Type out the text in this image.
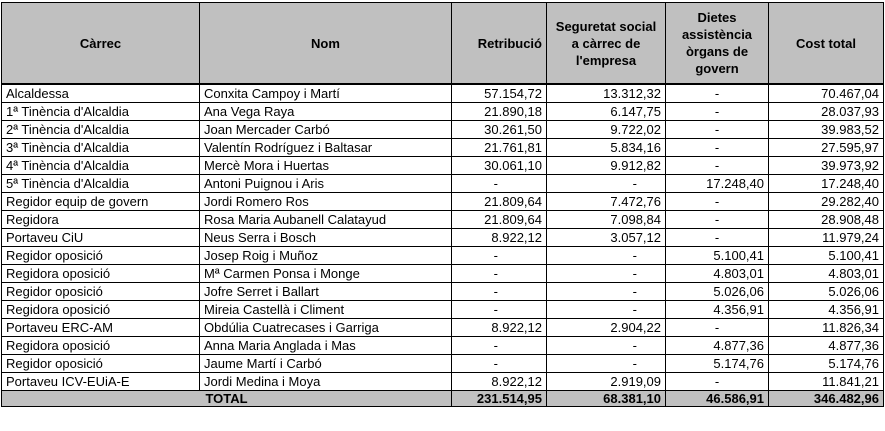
Càrrec	Nom	Retribució	Seguretat social a càrrec de l'empresa	Dietes assistència òrgans de govern	Cost total
Alcaldessa	Conxita Campoy i Martí	57.154,72	13.312,32	-	70.467,04
1ª Tinència d'Alcaldia	Ana Vega Raya	21.890,18	6.147,75	-	28.037,93
2ª Tinència d'Alcaldia	Joan Mercader Carbó	30.261,50	9.722,02	-	39.983,52
3ª Tinència d'Alcaldia	Valentín Rodríguez i Baltasar	21.761,81	5.834,16	-	27.595,97
4ª Tinència d'Alcaldia	Mercè Mora i Huertas	30.061,10	9.912,82	-	39.973,92
5ª Tinència d'Alcaldia	Antoni Puignou i Aris	-	-	17.248,40	17.248,40
Regidor equip de govern	Jordi Romero Ros	21.809,64	7.472,76	-	29.282,40
Regidora	Rosa Maria Aubanell Calatayud	21.809,64	7.098,84	-	28.908,48
Portaveu CiU	Neus Serra i Bosch	8.922,12	3.057,12	-	11.979,24
Regidor oposició	Josep Roig i Muñoz	-	-	5.100,41	5.100,41
Regidora oposició	Mª Carmen Ponsa i Monge	-	-	4.803,01	4.803,01
Regidor oposició	Jofre Serret i Ballart	-	-	5.026,06	5.026,06
Regidora oposició	Mireia Castellà i Climent	-	-	4.356,91	4.356,91
Portaveu ERC-AM	Obdúlia Cuatrecases i Garriga	8.922,12	2.904,22	-	11.826,34
Regidora oposició	Anna Maria Anglada i Mas	-	-	4.877,36	4.877,36
Regidor oposició	Jaume Martí i Carbó	-	-	5.174,76	5.174,76
Portaveu ICV-EUiA-E	Jordi Medina i Moya	8.922,12	2.919,09	-	11.841,21
TOTAL		231.514,95	68.381,10	46.586,91	346.482,96
